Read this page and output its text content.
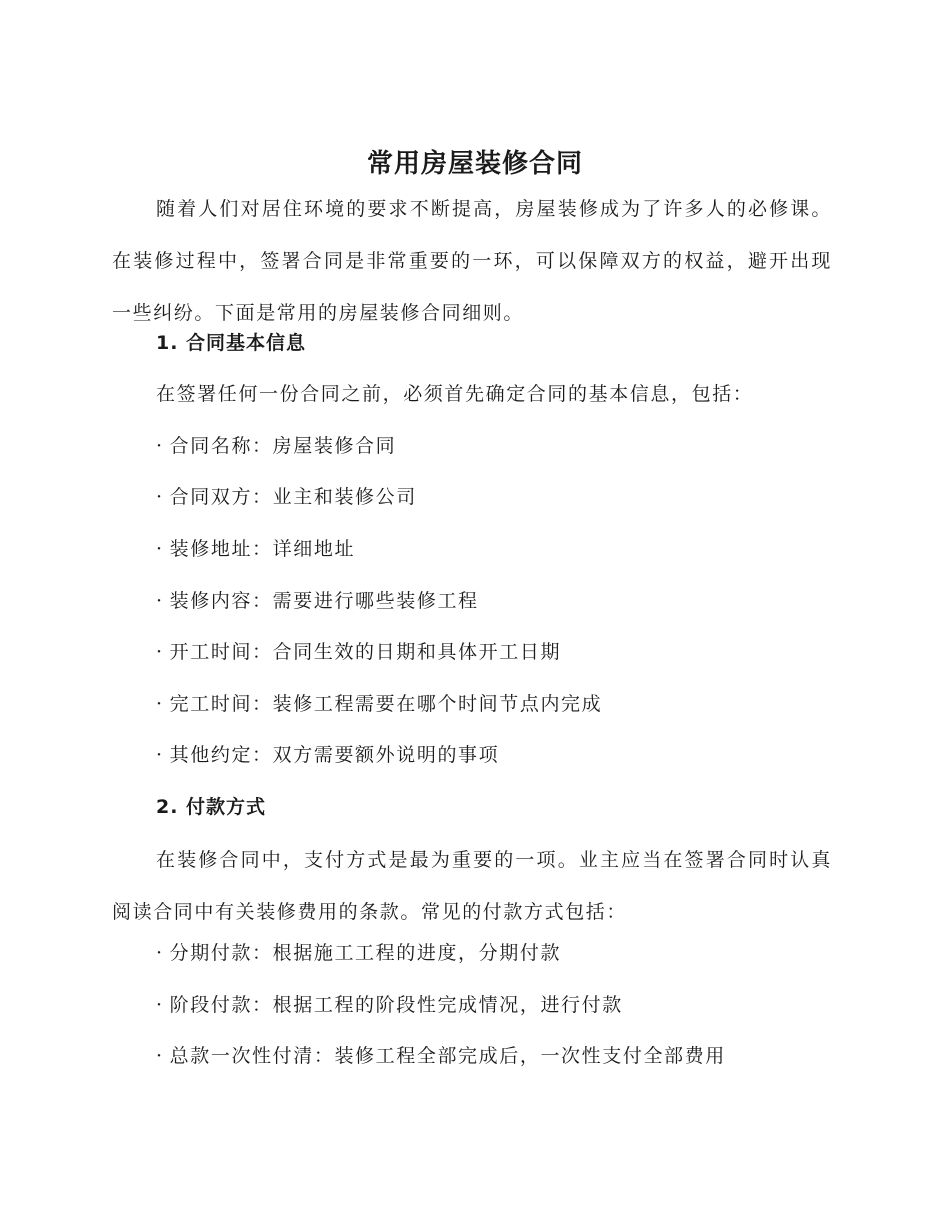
常用房屋装修合同

随着人们对居住环境的要求不断提高，房屋装修成为了许多人的必修课。在装修过程中，签署合同是非常重要的一环，可以保障双方的权益，避开出现一些纠纷。下面是常用的房屋装修合同细则。

1. 合同基本信息

在签署任何一份合同之前，必须首先确定合同的基本信息，包括：

· 合同名称：房屋装修合同
· 合同双方：业主和装修公司
· 装修地址：详细地址
· 装修内容：需要进行哪些装修工程
· 开工时间：合同生效的日期和具体开工日期
· 完工时间：装修工程需要在哪个时间节点内完成
· 其他约定：双方需要额外说明的事项
2. 付款方式

在装修合同中，支付方式是最为重要的一项。业主应当在签署合同时认真阅读合同中有关装修费用的条款。常见的付款方式包括：

· 分期付款：根据施工工程的进度，分期付款
· 阶段付款：根据工程的阶段性完成情况，进行付款
· 总款一次性付清：装修工程全部完成后，一次性支付全部费用
